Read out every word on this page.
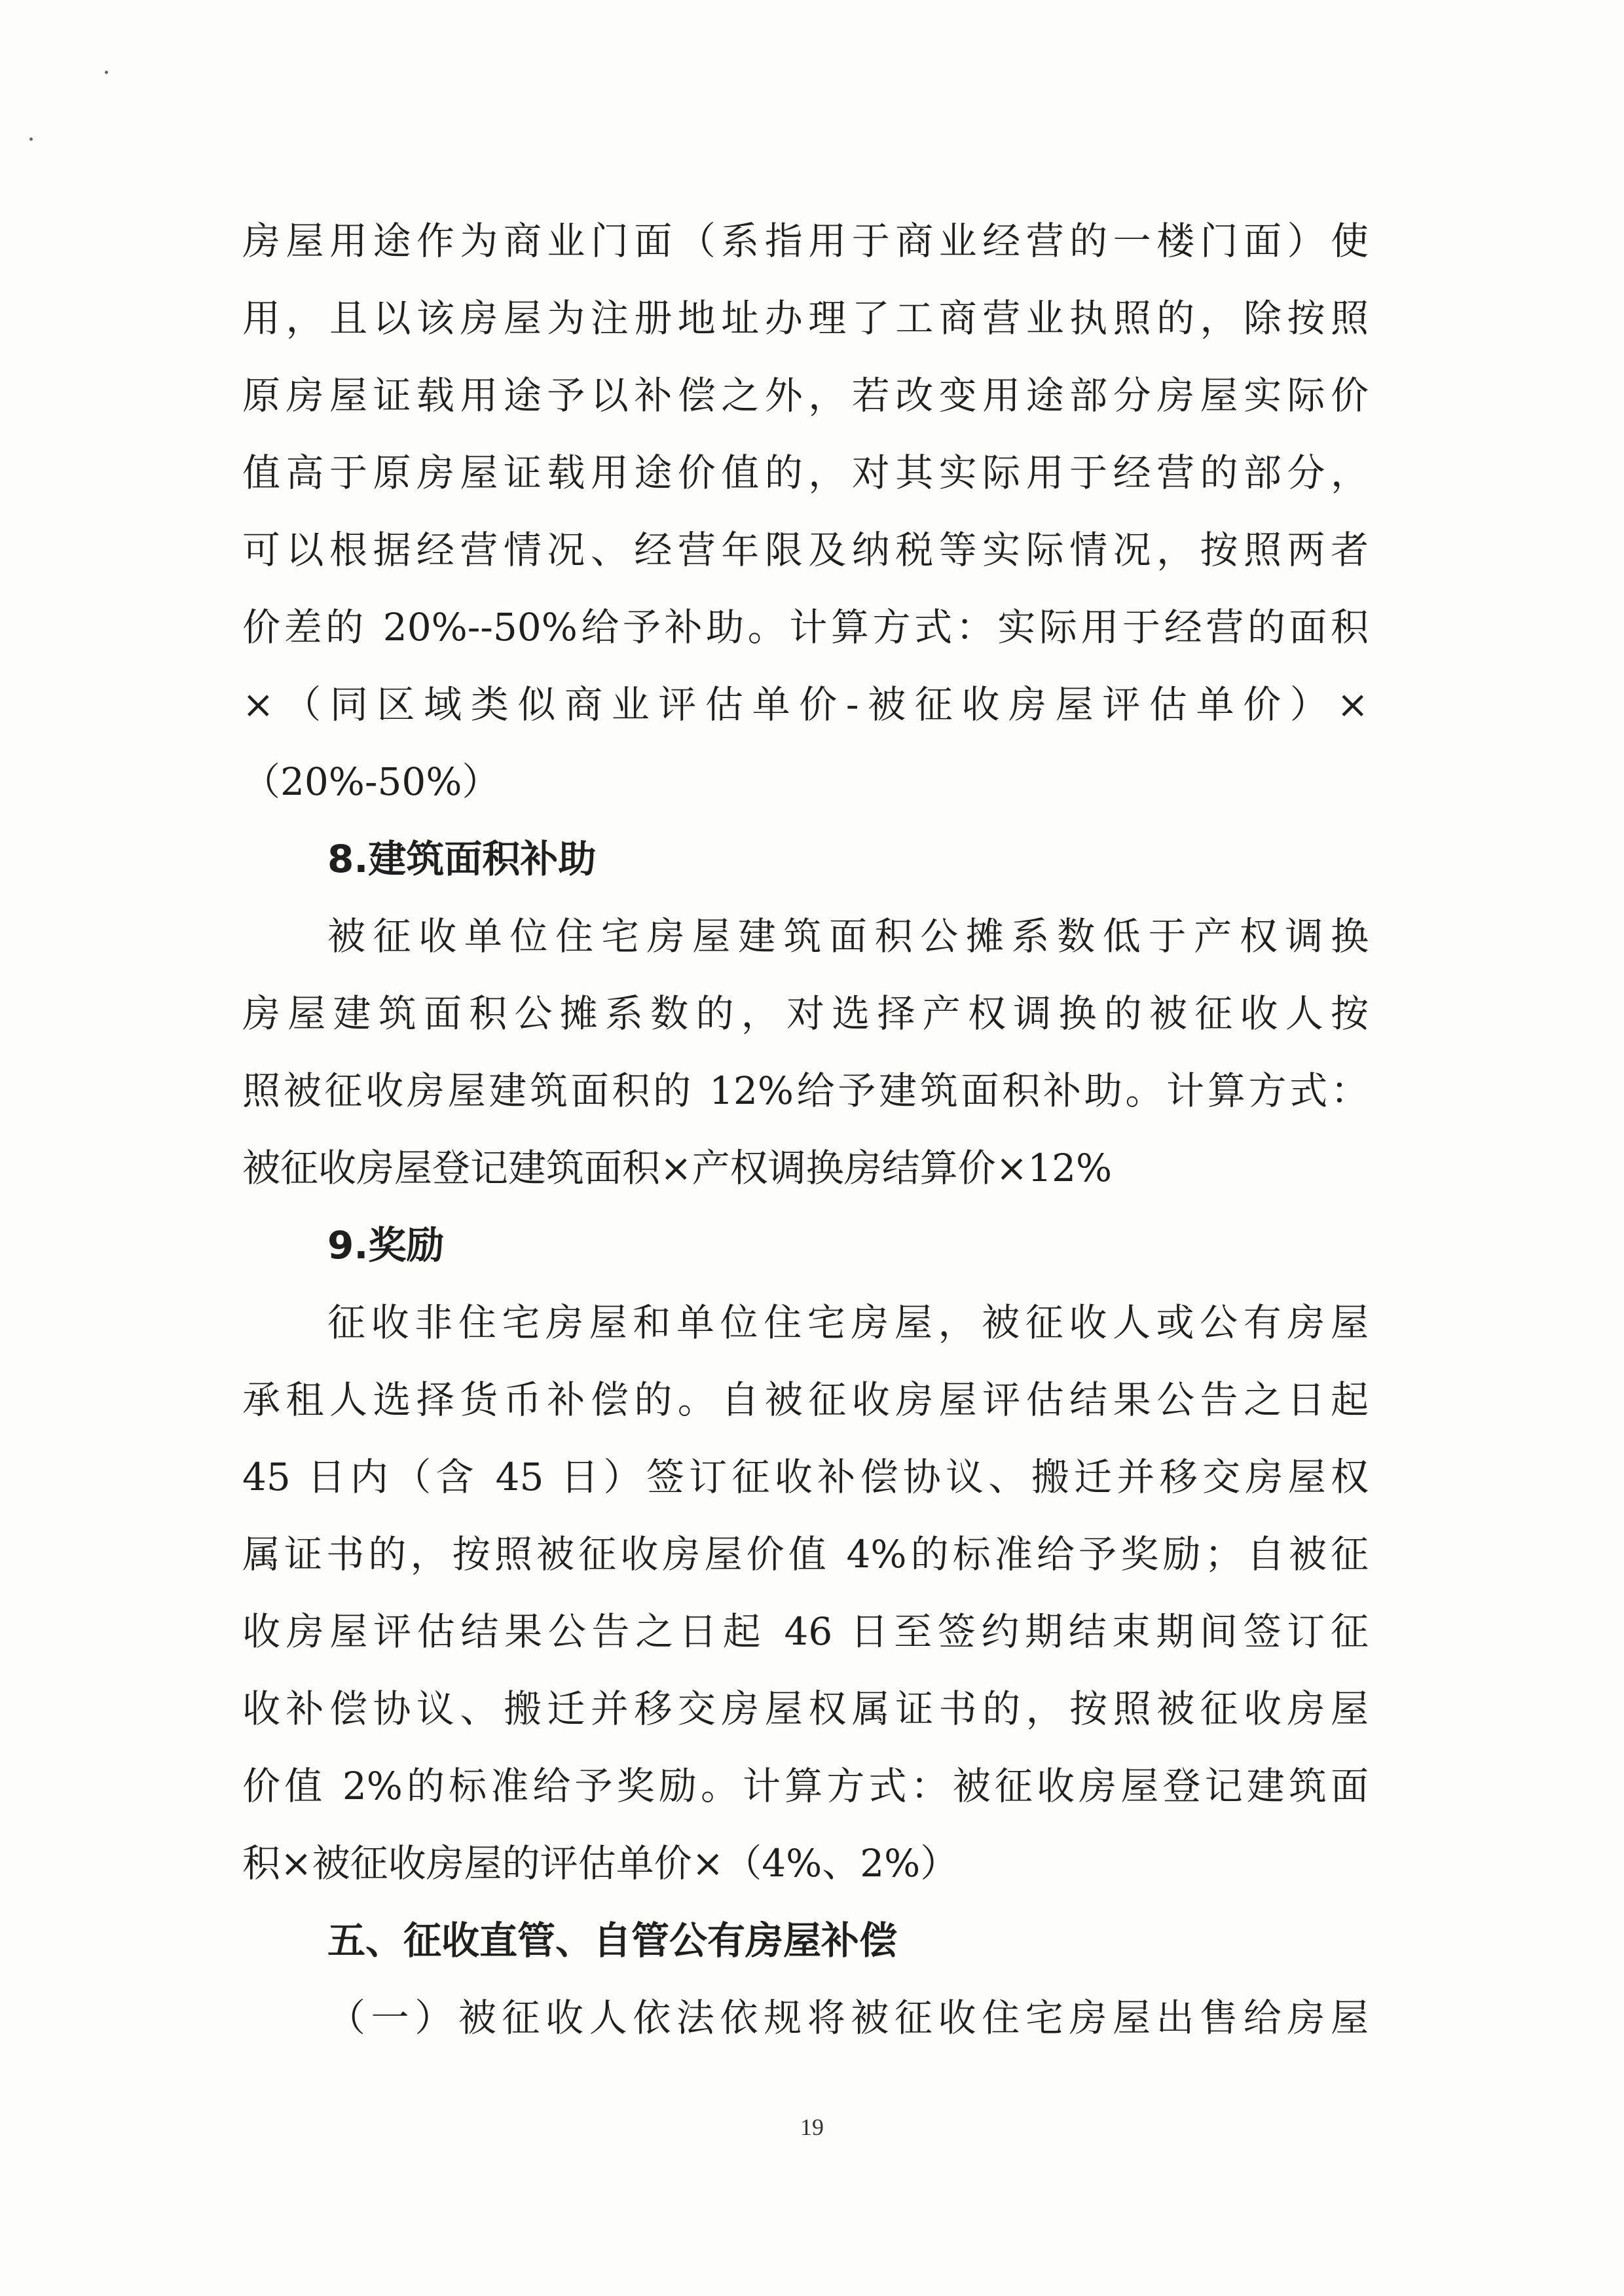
房屋用途作为商业门面（系指用于商业经营的一楼门面）使
用，且以该房屋为注册地址办理了工商营业执照的，除按照
原房屋证载用途予以补偿之外，若改变用途部分房屋实际价
值高于原房屋证载用途价值的，对其实际用于经营的部分，
可以根据经营情况、经营年限及纳税等实际情况，按照两者
价差的 20%--50%给予补助。计算方式：实际用于经营的面积
×（同区域类似商业评估单价-被征收房屋评估单价）×
（20%-50%）
8.建筑面积补助
被征收单位住宅房屋建筑面积公摊系数低于产权调换
房屋建筑面积公摊系数的，对选择产权调换的被征收人按
照被征收房屋建筑面积的 12%给予建筑面积补助。计算方式：
被征收房屋登记建筑面积×产权调换房结算价×12%
9.奖励
征收非住宅房屋和单位住宅房屋，被征收人或公有房屋
承租人选择货币补偿的。自被征收房屋评估结果公告之日起
45 日内（含 45 日）签订征收补偿协议、搬迁并移交房屋权
属证书的，按照被征收房屋价值 4%的标准给予奖励；自被征
收房屋评估结果公告之日起 46 日至签约期结束期间签订征
收补偿协议、搬迁并移交房屋权属证书的，按照被征收房屋
价值 2%的标准给予奖励。计算方式：被征收房屋登记建筑面
积×被征收房屋的评估单价×（4%、2%）
五、征收直管、自管公有房屋补偿
（一）被征收人依法依规将被征收住宅房屋出售给房屋
19
